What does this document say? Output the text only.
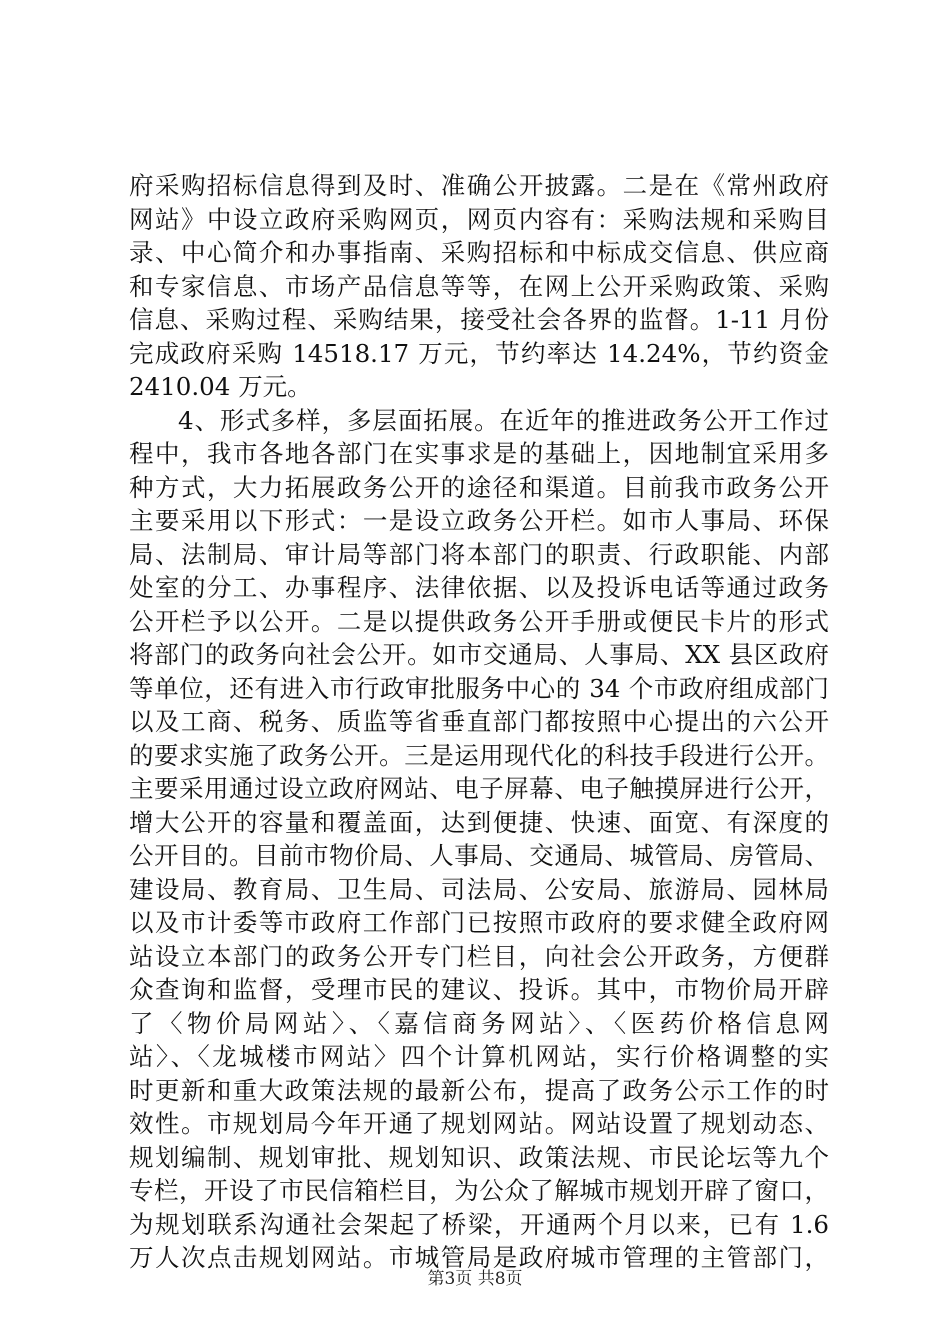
府采购招标信息得到及时、准确公开披露。二是在《常州政府
网站》中设立政府采购网页，网页内容有：采购法规和采购目
录、中心简介和办事指南、采购招标和中标成交信息、供应商
和专家信息、市场产品信息等等，在网上公开采购政策、采购
信息、采购过程、采购结果，接受社会各界的监督。1-11 月份
完成政府采购 14518.17 万元，节约率达 14.24%，节约资金
2410.04 万元。
4、形式多样，多层面拓展。在近年的推进政务公开工作过
程中，我市各地各部门在实事求是的基础上，因地制宜采用多
种方式，大力拓展政务公开的途径和渠道。目前我市政务公开
主要采用以下形式：一是设立政务公开栏。如市人事局、环保
局、法制局、审计局等部门将本部门的职责、行政职能、内部
处室的分工、办事程序、法律依据、以及投诉电话等通过政务
公开栏予以公开。二是以提供政务公开手册或便民卡片的形式
将部门的政务向社会公开。如市交通局、人事局、XX 县区政府
等单位，还有进入市行政审批服务中心的 34 个市政府组成部门
以及工商、税务、质监等省垂直部门都按照中心提出的六公开
的要求实施了政务公开。三是运用现代化的科技手段进行公开。
主要采用通过设立政府网站、电子屏幕、电子触摸屏进行公开，
增大公开的容量和覆盖面，达到便捷、快速、面宽、有深度的
公开目的。目前市物价局、人事局、交通局、城管局、房管局、
建设局、教育局、卫生局、司法局、公安局、旅游局、园林局
以及市计委等市政府工作部门已按照市政府的要求健全政府网
站设立本部门的政务公开专门栏目，向社会公开政务，方便群
众查询和监督，受理市民的建议、投诉。其中，市物价局开辟
了〈物价局网站〉、〈嘉信商务网站〉、〈医药价格信息网
站〉、〈龙城楼市网站〉四个计算机网站，实行价格调整的实
时更新和重大政策法规的最新公布，提高了政务公示工作的时
效性。市规划局今年开通了规划网站。网站设置了规划动态、
规划编制、规划审批、规划知识、政策法规、市民论坛等九个
专栏，开设了市民信箱栏目，为公众了解城市规划开辟了窗口，
为规划联系沟通社会架起了桥梁，开通两个月以来，已有 1.6
万人次点击规划网站。市城管局是政府城市管理的主管部门，
第3页 共8页
